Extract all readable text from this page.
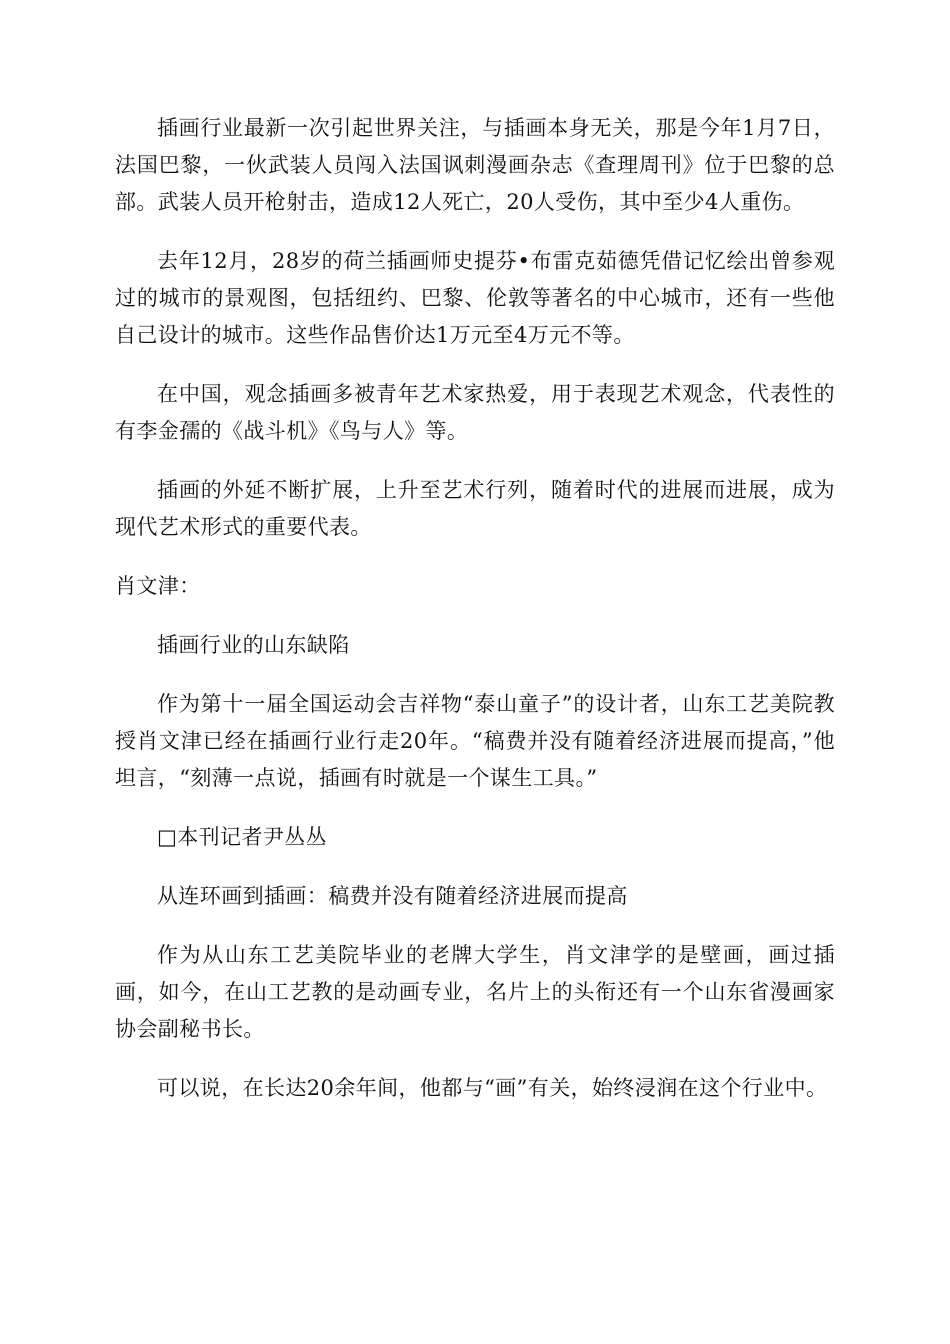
插画行业最新一次引起世界关注，与插画本身无关，那是今年1月7日，法国巴黎，一伙武装人员闯入法国讽刺漫画杂志《查理周刊》位于巴黎的总部。武装人员开枪射击，造成12人死亡，20人受伤，其中至少4人重伤。

去年12月，28岁的荷兰插画师史提芬•布雷克茹德凭借记忆绘出曾参观过的城市的景观图，包括纽约、巴黎、伦敦等著名的中心城市，还有一些他自己设计的城市。这些作品售价达1万元至4万元不等。

在中国，观念插画多被青年艺术家热爱，用于表现艺术观念，代表性的有李金孺的《战斗机》《鸟与人》等。

插画的外延不断扩展，上升至艺术行列，随着时代的进展而进展，成为现代艺术形式的重要代表。

肖文津：

插画行业的山东缺陷

作为第十一届全国运动会吉祥物“泰山童子”的设计者，山东工艺美院教授肖文津已经在插画行业行走20年。“稿费并没有随着经济进展而提高，”他坦言，“刻薄一点说，插画有时就是一个谋生工具。”

□本刊记者尹丛丛

从连环画到插画：稿费并没有随着经济进展而提高

作为从山东工艺美院毕业的老牌大学生，肖文津学的是壁画，画过插画，如今，在山工艺教的是动画专业，名片上的头衔还有一个山东省漫画家协会副秘书长。

可以说，在长达20余年间，他都与“画”有关，始终浸润在这个行业中。
